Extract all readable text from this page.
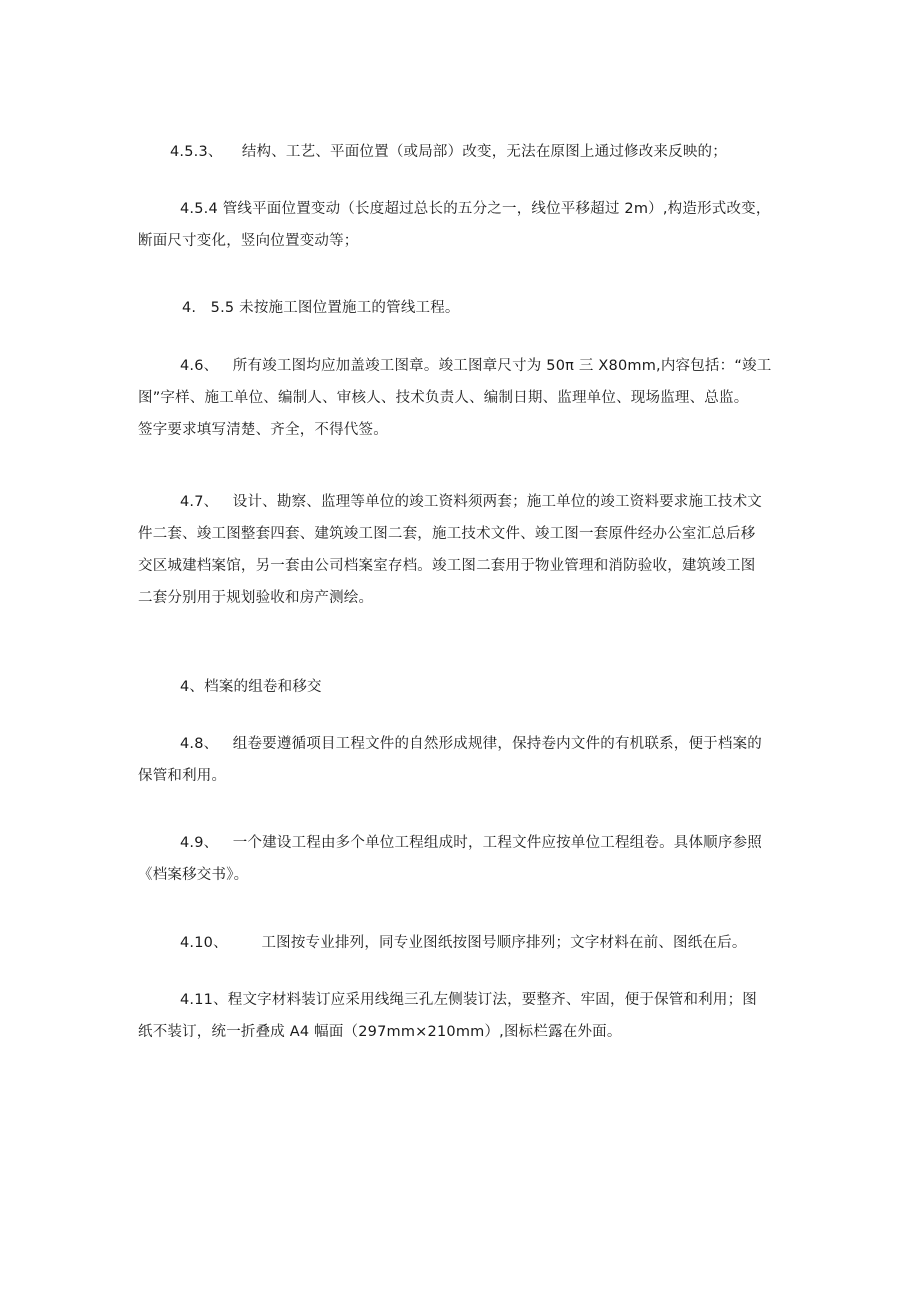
4.5.3、    结构、工艺、平面位置（或局部）改变，无法在原图上通过修改来反映的；

4.5.4 管线平面位置变动（长度超过总长的五分之一，线位平移超过 2m）,构造形式改变，
断面尺寸变化，竖向位置变动等；

4.   5.5 未按施工图位置施工的管线工程。

4.6、   所有竣工图均应加盖竣工图章。竣工图章尺寸为 50π 三 X80mm,内容包括：“竣工
图”字样、施工单位、编制人、审核人、技术负责人、编制日期、监理单位、现场监理、总监。
签字要求填写清楚、齐全，不得代签。

4.7、   设计、勘察、监理等单位的竣工资料须两套；施工单位的竣工资料要求施工技术文
件二套、竣工图整套四套、建筑竣工图二套，施工技术文件、竣工图一套原件经办公室汇总后移
交区城建档案馆，另一套由公司档案室存档。竣工图二套用于物业管理和消防验收，建筑竣工图
二套分别用于规划验收和房产测绘。

4、档案的组卷和移交

4.8、   组卷要遵循项目工程文件的自然形成规律，保持卷内文件的有机联系，便于档案的
保管和利用。

4.9、   一个建设工程由多个单位工程组成时，工程文件应按单位工程组卷。具体顺序参照
《档案移交书》。

4.10、       工图按专业排列，同专业图纸按图号顺序排列；文字材料在前、图纸在后。

4.11、程文字材料装订应采用线绳三孔左侧装订法，要整齐、牢固，便于保管和利用；图
纸不装订，统一折叠成 A4 幅面（297mm×210mm）,图标栏露在外面。
